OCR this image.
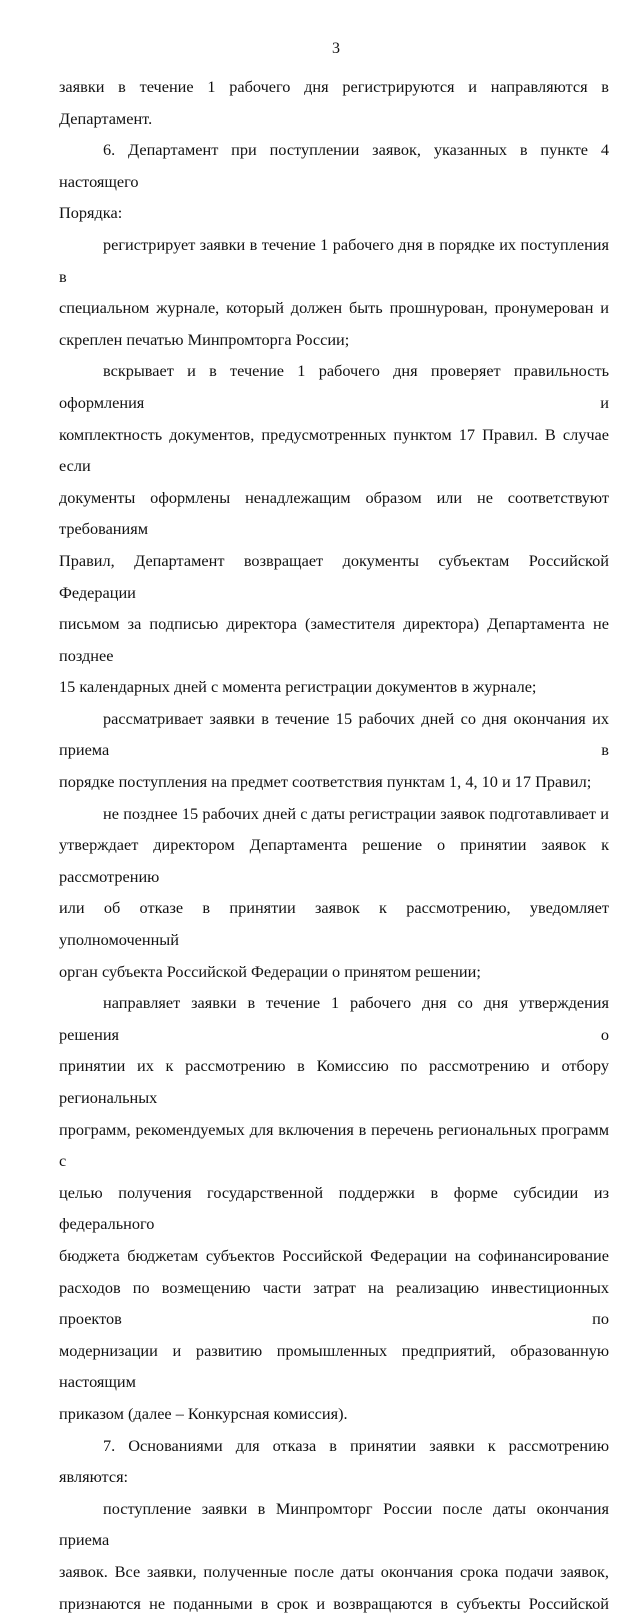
3

заявки в течение 1 рабочего дня регистрируются и направляются в Департамент.

6. Департамент при поступлении заявок, указанных в пункте 4 настоящего

Порядка:

регистрирует заявки в течение 1 рабочего дня в порядке их поступления в

специальном журнале, который должен быть прошнурован, пронумерован и

скреплен печатью Минпромторга России;

вскрывает и в течение 1 рабочего дня проверяет правильность оформления и

комплектность документов, предусмотренных пунктом 17 Правил. В случае если

документы оформлены ненадлежащим образом или не соответствуют требованиям

Правил, Департамент возвращает документы субъектам Российской Федерации

письмом за подписью директора (заместителя директора) Департамента не позднее

15 календарных дней с момента регистрации документов в журнале;

рассматривает заявки в течение 15 рабочих дней со дня окончания их приема в

порядке поступления на предмет соответствия пунктам 1, 4, 10 и 17 Правил;

не позднее 15 рабочих дней с даты регистрации заявок подготавливает и

утверждает директором Департамента решение о принятии заявок к рассмотрению

или об отказе в принятии заявок к рассмотрению, уведомляет уполномоченный

орган субъекта Российской Федерации о принятом решении;

направляет заявки в течение 1 рабочего дня со дня утверждения решения о

принятии их к рассмотрению в Комиссию по рассмотрению и отбору региональных

программ, рекомендуемых для включения в перечень региональных программ с

целью получения государственной поддержки в форме субсидии из федерального

бюджета бюджетам субъектов Российской Федерации на софинансирование

расходов по возмещению части затрат на реализацию инвестиционных проектов по

модернизации и развитию промышленных предприятий, образованную настоящим

приказом (далее – Конкурсная комиссия).

7. Основаниями для отказа в принятии заявки к рассмотрению являются:

поступление заявки в Минпромторг России после даты окончания приема

заявок. Все заявки, полученные после даты окончания срока подачи заявок,

признаются не поданными в срок и возвращаются в субъекты Российской
